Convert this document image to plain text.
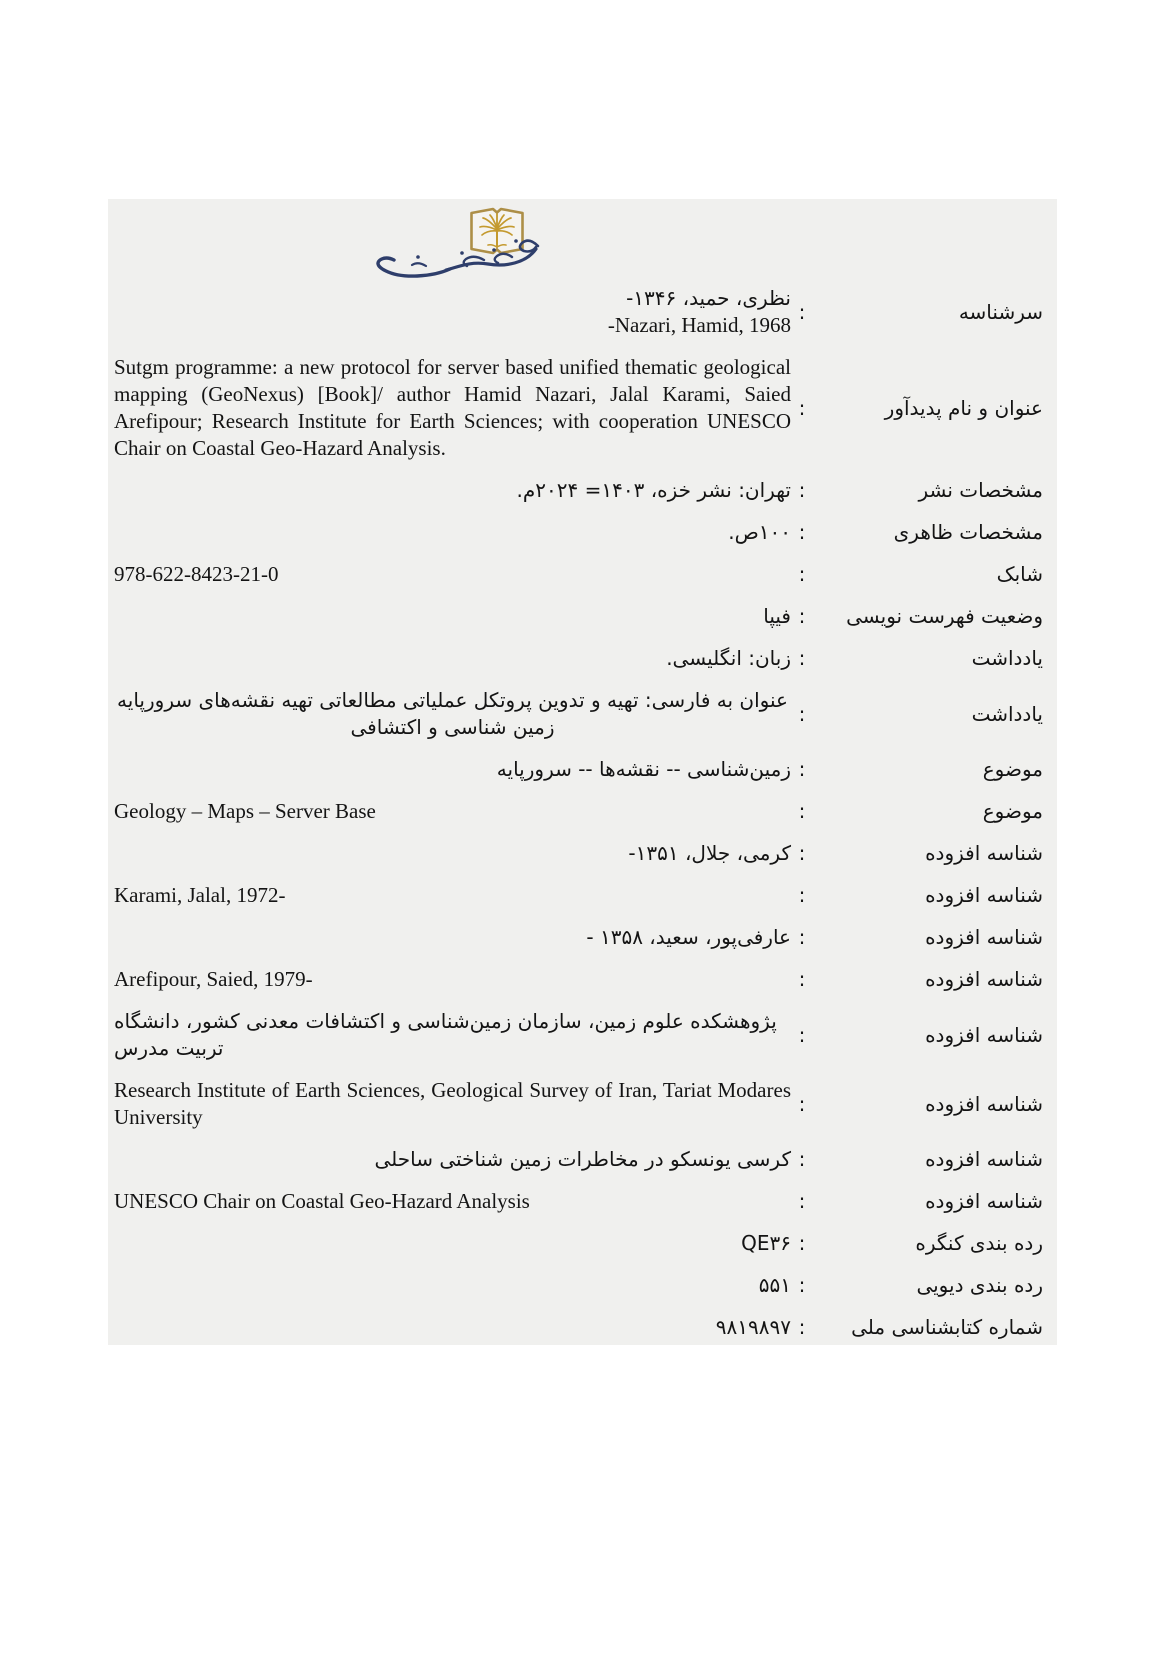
سرشناسه
:
نظری، حمید، ۱۳۴۶-
-Nazari, Hamid, 1968
عنوان و نام پدیدآور
:
Sutgm programme: a new protocol for server based unified thematic geological mapping (GeoNexus) [Book]/ author Hamid Nazari, Jalal Karami, Saied Arefipour; Research Institute for Earth Sciences; with cooperation UNESCO Chair on Coastal Geo-Hazard Analysis.
مشخصات نشر
:
تهران: نشر خزه، ۱۴۰۳= ۲۰۲۴م.
مشخصات ظاهری
:
۱۰۰ص.
شابک
:
978-622-8423-21-0
وضعیت فهرست نویسی
:
فیپا
یادداشت
:
زبان: انگلیسی.
یادداشت
:
عنوان به فارسی: تهیه و تدوین پروتکل عملیاتی مطالعاتی تهیه نقشه‌های سرورپایه زمین شناسی و اکتشافی
موضوع
:
زمین‌شناسی -- نقشه‌ها -- سرورپایه
موضوع
:
Geology – Maps – Server Base
شناسه افزوده
:
کرمی، جلال، ۱۳۵۱-
شناسه افزوده
:
Karami, Jalal, 1972-
شناسه افزوده
:
عارفی‌پور، سعید، ۱۳۵۸ -
شناسه افزوده
:
Arefipour, Saied, 1979-
شناسه افزوده
:
پژوهشکده علوم زمین، سازمان زمین‌شناسی و اکتشافات معدنی کشور، دانشگاه تربیت مدرس
شناسه افزوده
:
Research Institute of Earth Sciences, Geological Survey of Iran, Tariat Modares University
شناسه افزوده
:
کرسی یونسکو در مخاطرات زمین شناختی ساحلی
شناسه افزوده
:
UNESCO Chair on Coastal Geo-Hazard Analysis
رده بندی کنگره
:
QE۳۶
رده بندی دیویی
:
۵۵۱
شماره کتابشناسی ملی
:
۹۸۱۹۸۹۷
